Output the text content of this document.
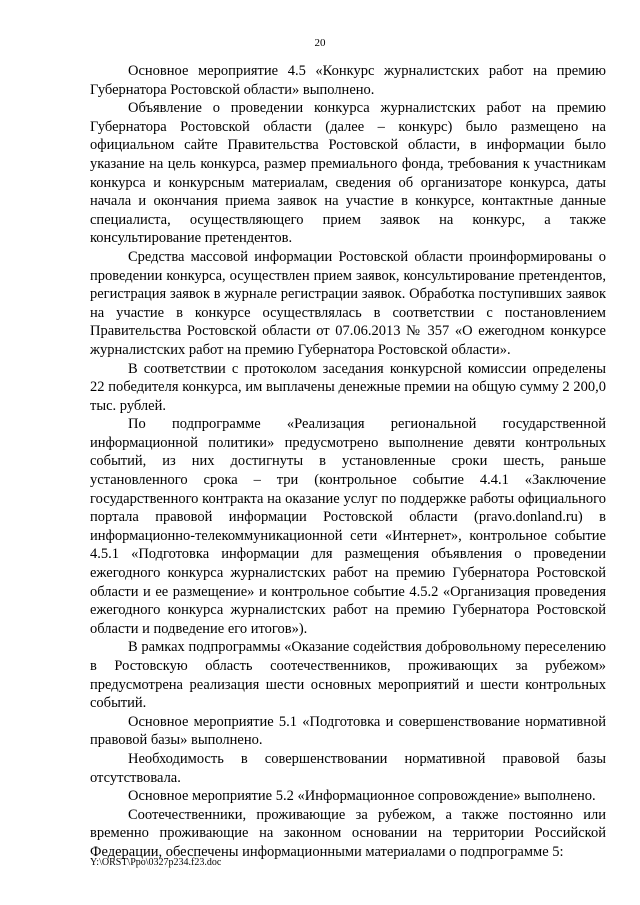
20

Основное мероприятие 4.5 «Конкурс журналистских работ на премию Губернатора Ростовской области» выполнено.

Объявление о проведении конкурса журналистских работ на премию Губернатора Ростовской области (далее – конкурс) было размещено на официальном сайте Правительства Ростовской области, в информации было указание на цель конкурса, размер премиального фонда, требования к участникам конкурса и конкурсным материалам, сведения об организаторе конкурса, даты начала и окончания приема заявок на участие в конкурсе, контактные данные специалиста, осуществляющего прием заявок на конкурс, а также консультирование претендентов.

Средства массовой информации Ростовской области проинформированы о проведении конкурса, осуществлен прием заявок, консультирование претендентов, регистрация заявок в журнале регистрации заявок. Обработка поступивших заявок на участие в конкурсе осуществлялась в соответствии с постановлением Правительства Ростовской области от 07.06.2013 № 357 «О ежегодном конкурсе журналистских работ на премию Губернатора Ростовской области».

В соответствии с протоколом заседания конкурсной комиссии определены 22 победителя конкурса, им выплачены денежные премии на общую сумму 2 200,0 тыс. рублей.

По подпрограмме «Реализация региональной государственной информационной политики» предусмотрено выполнение девяти контрольных событий, из них достигнуты в установленные сроки шесть, раньше установленного срока – три (контрольное событие 4.4.1 «Заключение государственного контракта на оказание услуг по поддержке работы официального портала правовой информации Ростовской области (pravo.donland.ru) в информационно-телекоммуникационной сети «Интернет», контрольное событие 4.5.1 «Подготовка информации для размещения объявления о проведении ежегодного конкурса журналистских работ на премию Губернатора Ростовской области и ее размещение» и контрольное событие 4.5.2 «Организация проведения ежегодного конкурса журналистских работ на премию Губернатора Ростовской области и подведение его итогов»).

В рамках подпрограммы «Оказание содействия добровольному переселению в Ростовскую область соотечественников, проживающих за рубежом» предусмотрена реализация шести основных мероприятий и шести контрольных событий.

Основное мероприятие 5.1 «Подготовка и совершенствование нормативной правовой базы» выполнено.

Необходимость в совершенствовании нормативной правовой базы отсутствовала.

Основное мероприятие 5.2 «Информационное сопровождение» выполнено.

Соотечественники, проживающие за рубежом, а также постоянно или временно проживающие на законном основании на территории Российской Федерации, обеспечены информационными материалами о подпрограмме 5:

Y:\ORST\Ppo\0327p234.f23.doc
